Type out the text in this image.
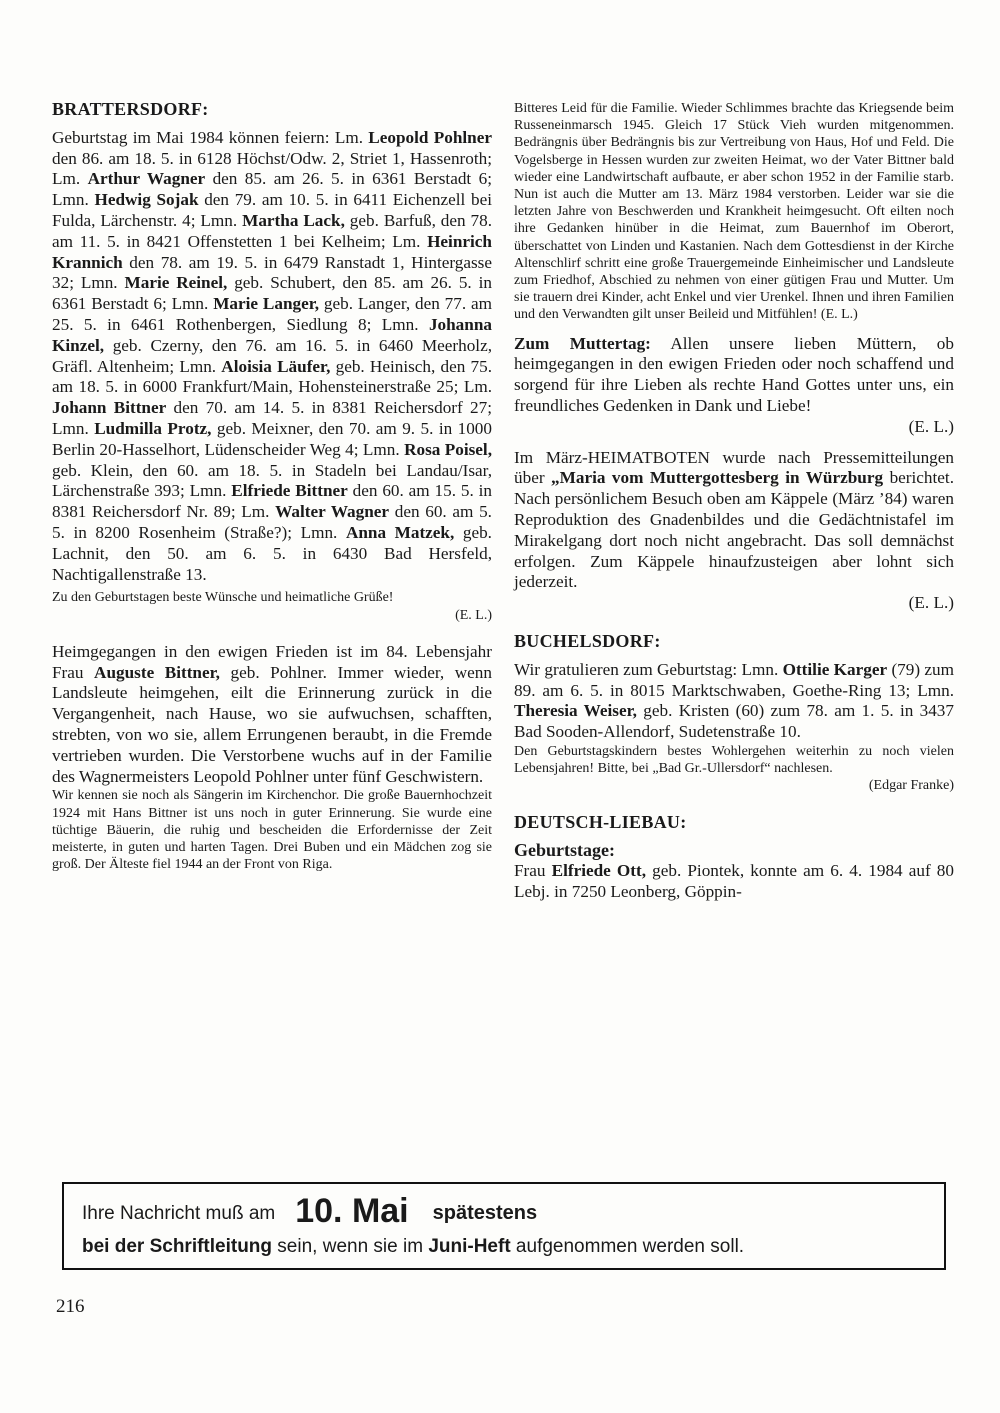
BRATTERSDORF:

Geburtstag im Mai 1984 können feiern: Lm. Leopold Pohlner den 86. am 18. 5. in 6128 Höchst/Odw. 2, Striet 1, Hassenroth; Lm. Arthur Wagner den 85. am 26. 5. in 6361 Berstadt 6; Lmn. Hedwig Sojak den 79. am 10. 5. in 6411 Eichenzell bei Fulda, Lärchenstr. 4; Lmn. Martha Lack, geb. Barfuß, den 78. am 11. 5. in 8421 Offenstetten 1 bei Kelheim; Lm. Heinrich Krannich den 78. am 19. 5. in 6479 Ranstadt 1, Hintergasse 32; Lmn. Marie Reinel, geb. Schubert, den 85. am 26. 5. in 6361 Berstadt 6; Lmn. Marie Langer, geb. Langer, den 77. am 25. 5. in 6461 Rothenbergen, Siedlung 8; Lmn. Johanna Kinzel, geb. Czerny, den 76. am 16. 5. in 6460 Meerholz, Gräfl. Altenheim; Lmn. Aloisia Läufer, geb. Heinisch, den 75. am 18. 5. in 6000 Frankfurt/Main, Hohensteinerstraße 25; Lm. Johann Bittner den 70. am 14. 5. in 8381 Reichersdorf 27; Lmn. Ludmilla Protz, geb. Meixner, den 70. am 9. 5. in 1000 Berlin 20-Hasselhort, Lüdenscheider Weg 4; Lmn. Rosa Poisel, geb. Klein, den 60. am 18. 5. in Stadeln bei Landau/Isar, Lärchenstraße 393; Lmn. Elfriede Bittner den 60. am 15. 5. in 8381 Reichersdorf Nr. 89; Lm. Walter Wagner den 60. am 5. 5. in 8200 Rosenheim (Straße?); Lmn. Anna Matzek, geb. Lachnit, den 50. am 6. 5. in 6430 Bad Hersfeld, Nachtigallenstraße 13.

Zu den Geburtstagen beste Wünsche und heimatliche Grüße!
(E. L.)

Heimgegangen in den ewigen Frieden ist im 84. Lebensjahr Frau Auguste Bittner, geb. Pohlner. Immer wieder, wenn Landsleute heimgehen, eilt die Erinnerung zurück in die Vergangenheit, nach Hause, wo sie aufwuchsen, schafften, strebten, von wo sie, allem Errungenen beraubt, in die Fremde vertrieben wurden. Die Verstorbene wuchs auf in der Familie des Wagnermeisters Leopold Pohlner unter fünf Geschwistern.

Wir kennen sie noch als Sängerin im Kirchenchor. Die große Bauernhochzeit 1924 mit Hans Bittner ist uns noch in guter Erinnerung. Sie wurde eine tüchtige Bäuerin, die ruhig und bescheiden die Erfordernisse der Zeit meisterte, in guten und harten Tagen. Drei Buben und ein Mädchen zog sie groß. Der Älteste fiel 1944 an der Front von Riga.

Bitteres Leid für die Familie. Wieder Schlimmes brachte das Kriegsende beim Russeneinmarsch 1945. Gleich 17 Stück Vieh wurden mitgenommen. Bedrängnis über Bedrängnis bis zur Vertreibung von Haus, Hof und Feld. Die Vogelsberge in Hessen wurden zur zweiten Heimat, wo der Vater Bittner bald wieder eine Landwirtschaft aufbaute, er aber schon 1952 in der Familie starb. Nun ist auch die Mutter am 13. März 1984 verstorben. Leider war sie die letzten Jahre von Beschwerden und Krankheit heimgesucht. Oft eilten noch ihre Gedanken hinüber in die Heimat, zum Bauernhof im Oberort, überschattet von Linden und Kastanien. Nach dem Gottesdienst in der Kirche Altenschlirf schritt eine große Trauergemeinde Einheimischer und Landsleute zum Friedhof, Abschied zu nehmen von einer gütigen Frau und Mutter. Um sie trauern drei Kinder, acht Enkel und vier Urenkel. Ihnen und ihren Familien und den Verwandten gilt unser Beileid und Mitfühlen! (E. L.)

Zum Muttertag: Allen unsere lieben Müttern, ob heimgegangen in den ewigen Frieden oder noch schaffend und sorgend für ihre Lieben als rechte Hand Gottes unter uns, ein freundliches Gedenken in Dank und Liebe!
(E. L.)

Im März-HEIMATBOTEN wurde nach Pressemitteilungen über „Maria vom Muttergottesberg in Würzburg berichtet. Nach persönlichem Besuch oben am Käppele (März ’84) waren Reproduktion des Gnadenbildes und die Gedächtnistafel im Mirakelgang dort noch nicht angebracht. Das soll demnächst erfolgen. Zum Käppele hinaufzusteigen aber lohnt sich jederzeit.
(E. L.)

BUCHELSDORF:

Wir gratulieren zum Geburtstag: Lmn. Ottilie Karger (79) zum 89. am 6. 5. in 8015 Marktschwaben, Goethe-Ring 13; Lmn. Theresia Weiser, geb. Kristen (60) zum 78. am 1. 5. in 3437 Bad Sooden-Allendorf, Sudetenstraße 10.

Den Geburtstagskindern bestes Wohlergehen weiterhin zu noch vielen Lebensjahren! Bitte, bei „Bad Gr.-Ullersdorf“ nachlesen.
(Edgar Franke)

DEUTSCH-LIEBAU:
Geburtstage:

Frau Elfriede Ott, geb. Piontek, konnte am 6. 4. 1984 auf 80 Lebj. in 7250 Leonberg, Göppin-

Ihre Nachricht muß am 10. Mai spätestens
bei der Schriftleitung sein, wenn sie im Juni-Heft aufgenommen werden soll.
216
